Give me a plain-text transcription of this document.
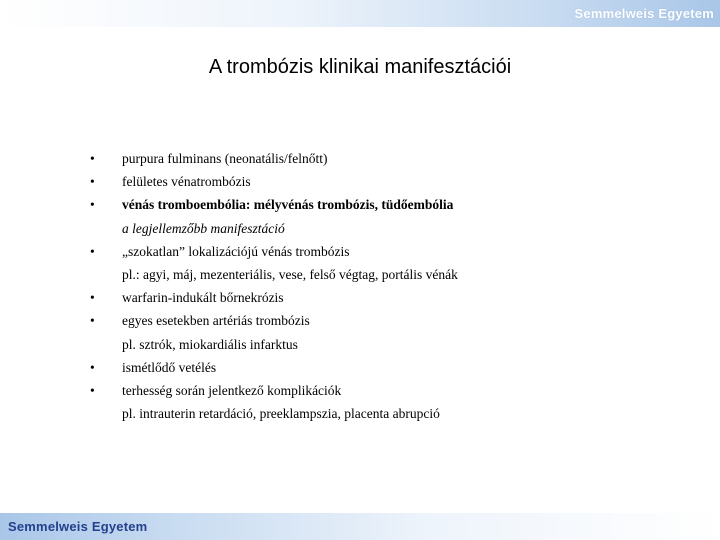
Semmelweis Egyetem
A trombózis klinikai manifesztációi
•	purpura fulminans (neonatális/felnőtt)
•	felületes vénatrombózis
•	vénás tromboembólia: mélyvénás trombózis, tüdőembólia
a legjellemzőbb manifesztáció
•	„szokatlan” lokalizációjú vénás trombózis
pl.: agyi, máj, mezenteriális, vese, felső végtag, portális vénák
•	warfarin-indukált bőrnekrózis
•	egyes esetekben artériás trombózis
pl. sztrók, miokardiális infarktus
•	ismétlődő vetélés
•	terhesség során jelentkező komplikációk
pl. intrauterin retardáció, preeklampszia, placenta abrupció
Semmelweis Egyetem
